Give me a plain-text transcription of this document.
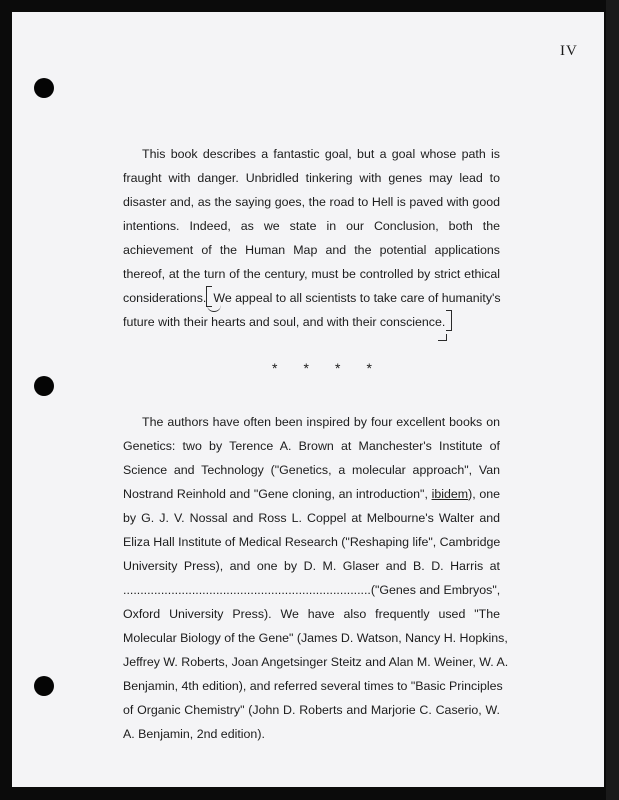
IV
This book describes a fantastic goal, but a goal whose path is
fraught with danger. Unbridled tinkering with genes may lead to
disaster and, as the saying goes, the road to Hell is paved with good
intentions. Indeed, as we state in our Conclusion, both the
achievement of the Human Map and the potential applications
thereof, at the turn of the century, must be controlled by strict ethical
considerations. We appeal to all scientists to take care of humanity's
future with their hearts and soul, and with their conscience.
* * * *
The authors have often been inspired by four excellent books on
Genetics: two by Terence A. Brown at Manchester's Institute of
Science and Technology ("Genetics, a molecular approach", Van
Nostrand Reinhold and "Gene cloning, an introduction", ibidem), one
by G. J. V. Nossal and Ross L. Coppel at Melbourne's Walter and
Eliza Hall Institute of Medical Research ("Reshaping life", Cambridge
University Press), and one by D. M. Glaser and B. D. Harris at
........................................................................("Genes and Embryos",
Oxford University Press). We have also frequently used "The
Molecular Biology of the Gene" (James D. Watson, Nancy H. Hopkins,
Jeffrey W. Roberts, Joan Angetsinger Steitz and Alan M. Weiner, W. A.
Benjamin, 4th edition), and referred several times to "Basic Principles
of Organic Chemistry" (John D. Roberts and Marjorie C. Caserio, W.
A. Benjamin, 2nd edition).
